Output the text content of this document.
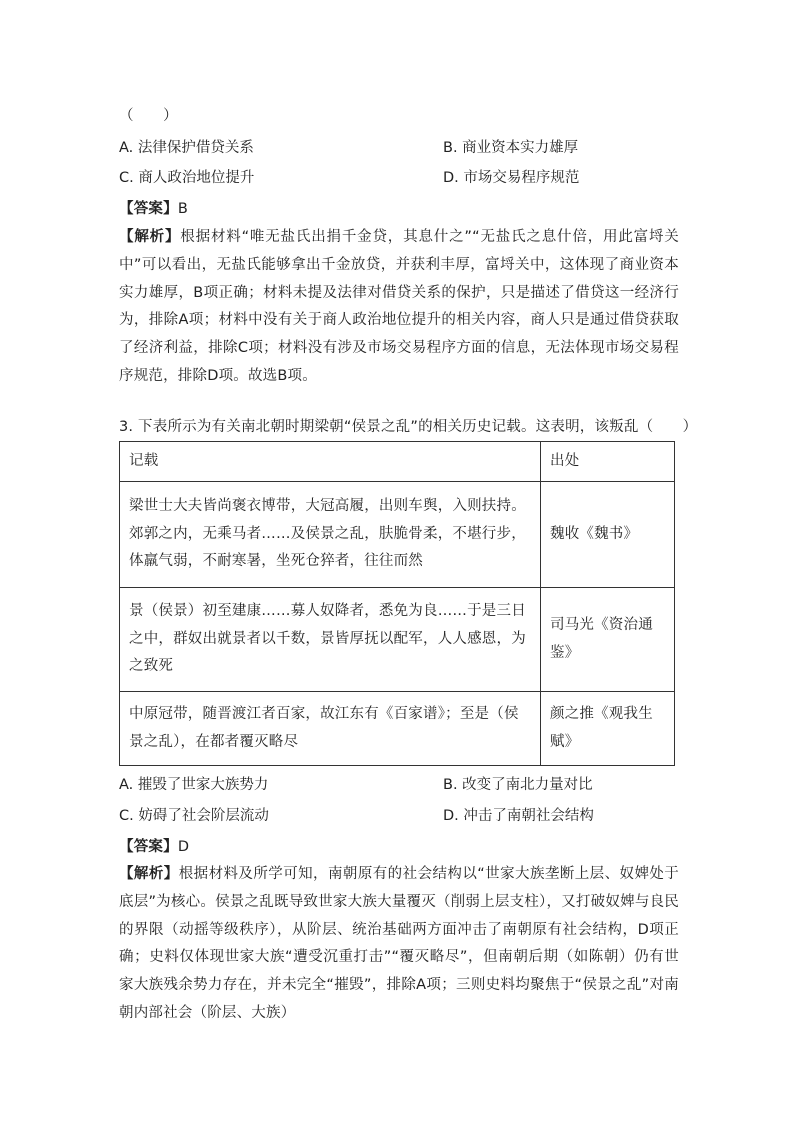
（　　）
A. 法律保护借贷关系	B. 商业资本实力雄厚
C. 商人政治地位提升	D. 市场交易程序规范
【答案】B
【解析】根据材料“唯无盐氏出捐千金贷，其息什之”“无盐氏之息什倍，用此富埒关中”可以看出，无盐氏能够拿出千金放贷，并获利丰厚，富埒关中，这体现了商业资本实力雄厚，B项正确；材料未提及法律对借贷关系的保护，只是描述了借贷这一经济行为，排除A项；材料中没有关于商人政治地位提升的相关内容，商人只是通过借贷获取了经济利益，排除C项；材料没有涉及市场交易程序方面的信息，无法体现市场交易程序规范，排除D项。故选B项。
3. 下表所示为有关南北朝时期梁朝“侯景之乱”的相关历史记载。这表明，该叛乱（　　）
记载	出处
梁世士大夫皆尚褒衣博带，大冠高履，出则车舆，入则扶持。郊郭之内，无乘马者……及侯景之乱，肤脆骨柔，不堪行步，体羸气弱，不耐寒暑，坐死仓猝者，往往而然	魏收《魏书》
景（侯景）初至建康……募人奴降者，悉免为良……于是三日之中，群奴出就景者以千数，景皆厚抚以配军，人人感恩，为之致死	司马光《资治通鉴》
中原冠带，随晋渡江者百家，故江东有《百家谱》；至是（侯景之乱），在都者覆灭略尽	颜之推《观我生赋》
A. 摧毁了世家大族势力	B. 改变了南北力量对比
C. 妨碍了社会阶层流动	D. 冲击了南朝社会结构
【答案】D
【解析】根据材料及所学可知，南朝原有的社会结构以“世家大族垄断上层、奴婢处于底层”为核心。侯景之乱既导致世家大族大量覆灭（削弱上层支柱），又打破奴婢与良民的界限（动摇等级秩序），从阶层、统治基础两方面冲击了南朝原有社会结构，D项正确；史料仅体现世家大族“遭受沉重打击”“覆灭略尽”，但南朝后期（如陈朝）仍有世家大族残余势力存在，并未完全“摧毁”，排除A项；三则史料均聚焦于“侯景之乱”对南朝内部社会（阶层、大族）
